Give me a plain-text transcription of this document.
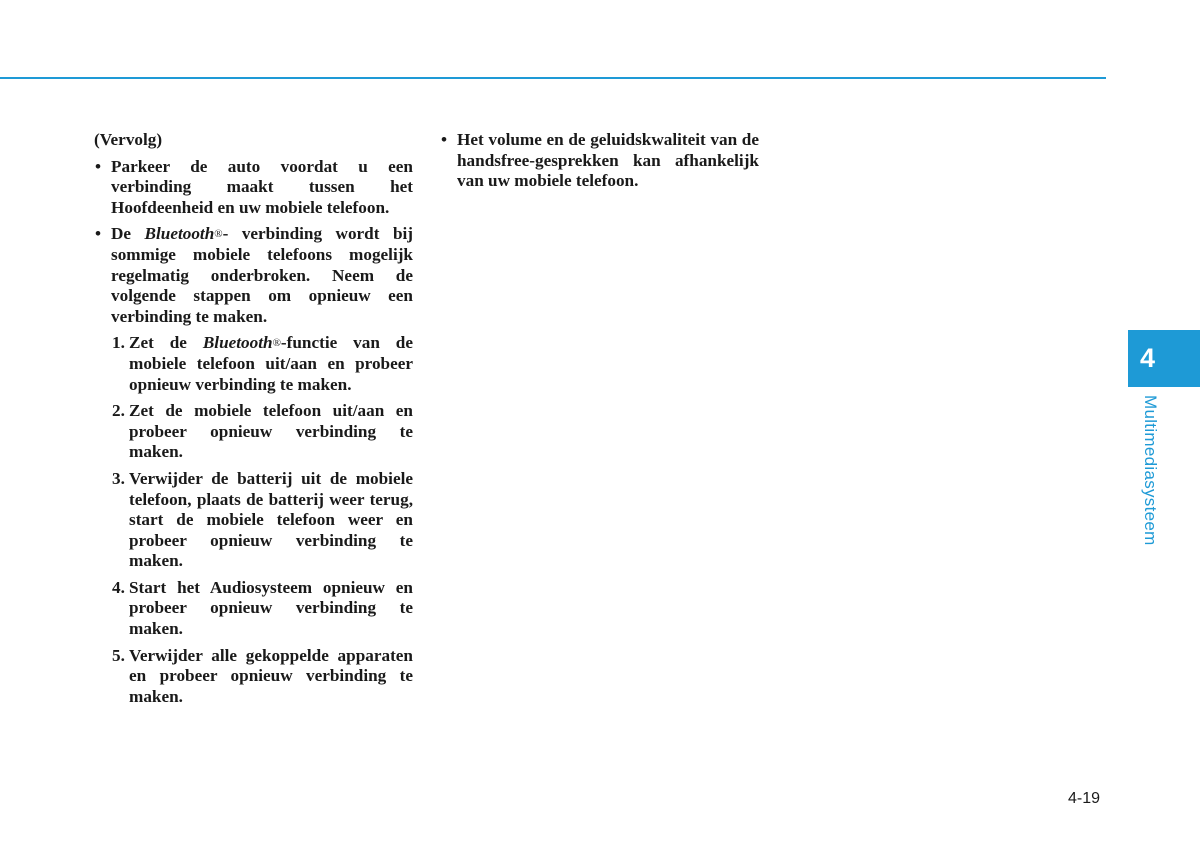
(Vervolg)

• Parkeer de auto voordat u een verbinding maakt tussen het Hoofdeenheid en uw mobiele telefoon.

• De Bluetooth®- verbinding wordt bij sommige mobiele telefoons mogelijk regelmatig onderbroken. Neem de volgende stappen om opnieuw een verbinding te maken.

1. Zet de Bluetooth®-functie van de mobiele telefoon uit/aan en probeer opnieuw verbinding te maken.

2. Zet de mobiele telefoon uit/aan en probeer opnieuw verbinding te maken.

3. Verwijder de batterij uit de mobiele telefoon, plaats de batterij weer terug, start de mobiele telefoon weer en probeer opnieuw verbinding te maken.

4. Start het Audiosysteem opnieuw en probeer opnieuw verbinding te maken.

5. Verwijder alle gekoppelde apparaten en probeer opnieuw verbinding te maken.

• Het volume en de geluidskwaliteit van de handsfree-gesprekken kan afhankelijk van uw mobiele telefoon.

4
Multimediasysteem
4-19
